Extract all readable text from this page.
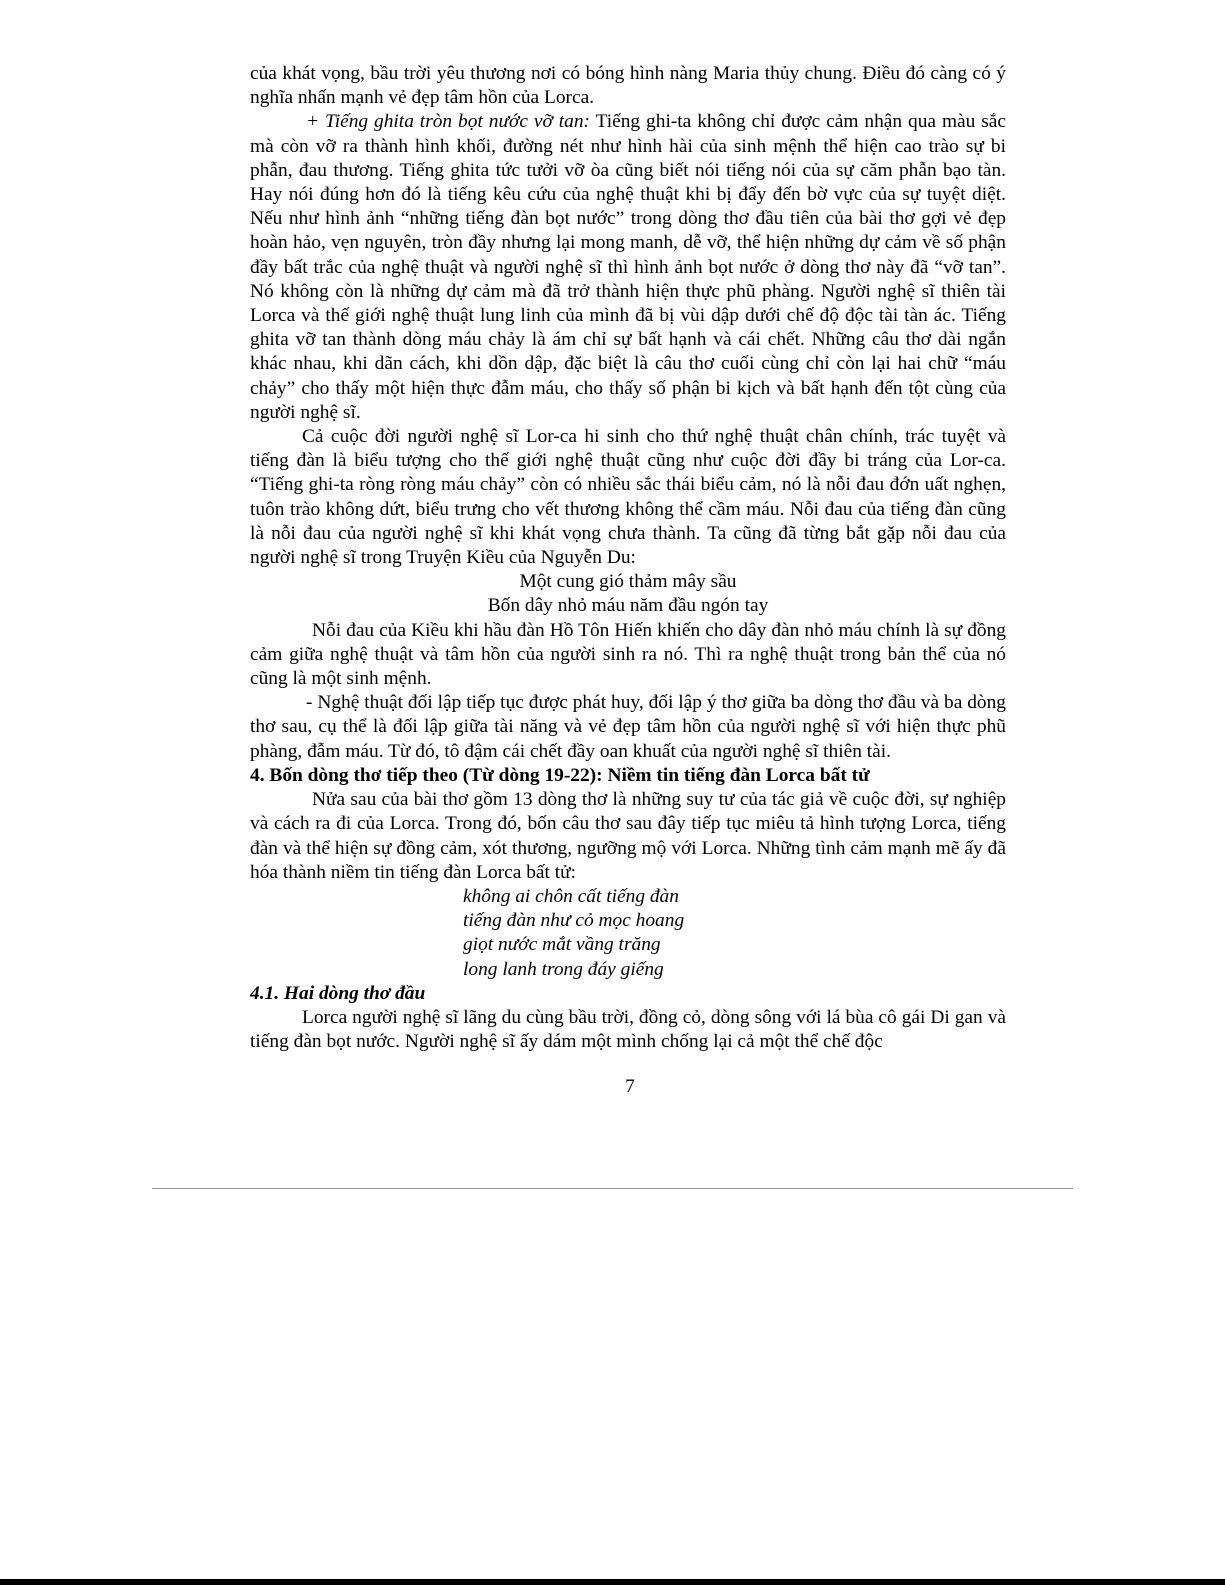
của khát vọng, bầu trời yêu thương nơi có bóng hình nàng Maria thủy chung. Điều đó càng có ý nghĩa nhấn mạnh vẻ đẹp tâm hồn của Lorca.

+ Tiếng ghita tròn bọt nước vỡ tan: Tiếng ghi-ta không chỉ được cảm nhận qua màu sắc mà còn vỡ ra thành hình khối, đường nét như hình hài của sinh mệnh thể hiện cao trào sự bi phẫn, đau thương. Tiếng ghita tức tưởi vỡ òa cũng biết nói tiếng nói của sự căm phẫn bạo tàn. Hay nói đúng hơn đó là tiếng kêu cứu của nghệ thuật khi bị đẩy đến bờ vực của sự tuyệt diệt. Nếu như hình ảnh “những tiếng đàn bọt nước” trong dòng thơ đầu tiên của bài thơ gợi vẻ đẹp hoàn hảo, vẹn nguyên, tròn đầy nhưng lại mong manh, dễ vỡ, thể hiện những dự cảm về số phận đầy bất trắc của nghệ thuật và người nghệ sĩ thì hình ảnh bọt nước ở dòng thơ này đã “vỡ tan”. Nó không còn là những dự cảm mà đã trở thành hiện thực phũ phàng. Người nghệ sĩ thiên tài Lorca và thế giới nghệ thuật lung linh của mình đã bị vùi dập dưới chế độ độc tài tàn ác. Tiếng ghita vỡ tan thành dòng máu chảy là ám chỉ sự bất hạnh và cái chết. Những câu thơ dài ngắn khác nhau, khi dãn cách, khi dồn dập, đặc biệt là câu thơ cuối cùng chỉ còn lại hai chữ “máu chảy” cho thấy một hiện thực đẫm máu, cho thấy số phận bi kịch và bất hạnh đến tột cùng của người nghệ sĩ.

Cả cuộc đời người nghệ sĩ Lor-ca hi sinh cho thứ nghệ thuật chân chính, trác tuyệt và tiếng đàn là biểu tượng cho thế giới nghệ thuật cũng như cuộc đời đầy bi tráng của Lor-ca. “Tiếng ghi-ta ròng ròng máu chảy” còn có nhiều sắc thái biểu cảm, nó là nỗi đau đớn uất nghẹn, tuôn trào không dứt, biểu trưng cho vết thương không thể cầm máu. Nỗi đau của tiếng đàn cũng là nỗi đau của người nghệ sĩ khi khát vọng chưa thành. Ta cũng đã từng bắt gặp nỗi đau của người nghệ sĩ trong Truyện Kiều của Nguyễn Du:

Một cung gió thảm mây sầu

Bốn dây nhỏ máu năm đầu ngón tay

Nỗi đau của Kiều khi hầu đàn Hồ Tôn Hiến khiến cho dây đàn nhỏ máu chính là sự đồng cảm giữa nghệ thuật và tâm hồn của người sinh ra nó. Thì ra nghệ thuật trong bản thể của nó cũng là một sinh mệnh.

- Nghệ thuật đối lập tiếp tục được phát huy, đối lập ý thơ giữa ba dòng thơ đầu và ba dòng thơ sau, cụ thể là đối lập giữa tài năng và vẻ đẹp tâm hồn của người nghệ sĩ với hiện thực phũ phàng, đẫm máu. Từ đó, tô đậm cái chết đầy oan khuất của người nghệ sĩ thiên tài.

4. Bốn dòng thơ tiếp theo (Từ dòng 19-22): Niềm tin tiếng đàn Lorca bất tử

Nửa sau của bài thơ gồm 13 dòng thơ là những suy tư của tác giả về cuộc đời, sự nghiệp và cách ra đi của Lorca. Trong đó, bốn câu thơ sau đây tiếp tục miêu tả hình tượng Lorca, tiếng đàn và thể hiện sự đồng cảm, xót thương, ngưỡng mộ với Lorca. Những tình cảm mạnh mẽ ấy đã hóa thành niềm tin tiếng đàn Lorca bất tử:

không ai chôn cất tiếng đàn

tiếng đàn như cỏ mọc hoang

giọt nước mắt vầng trăng

long lanh trong đáy giếng

4.1. Hai dòng thơ đầu

Lorca người nghệ sĩ lãng du cùng bầu trời, đồng cỏ, dòng sông với lá bùa cô gái Di gan và tiếng đàn bọt nước. Người nghệ sĩ ấy dám một mình chống lại cả một thể chế độc

7
